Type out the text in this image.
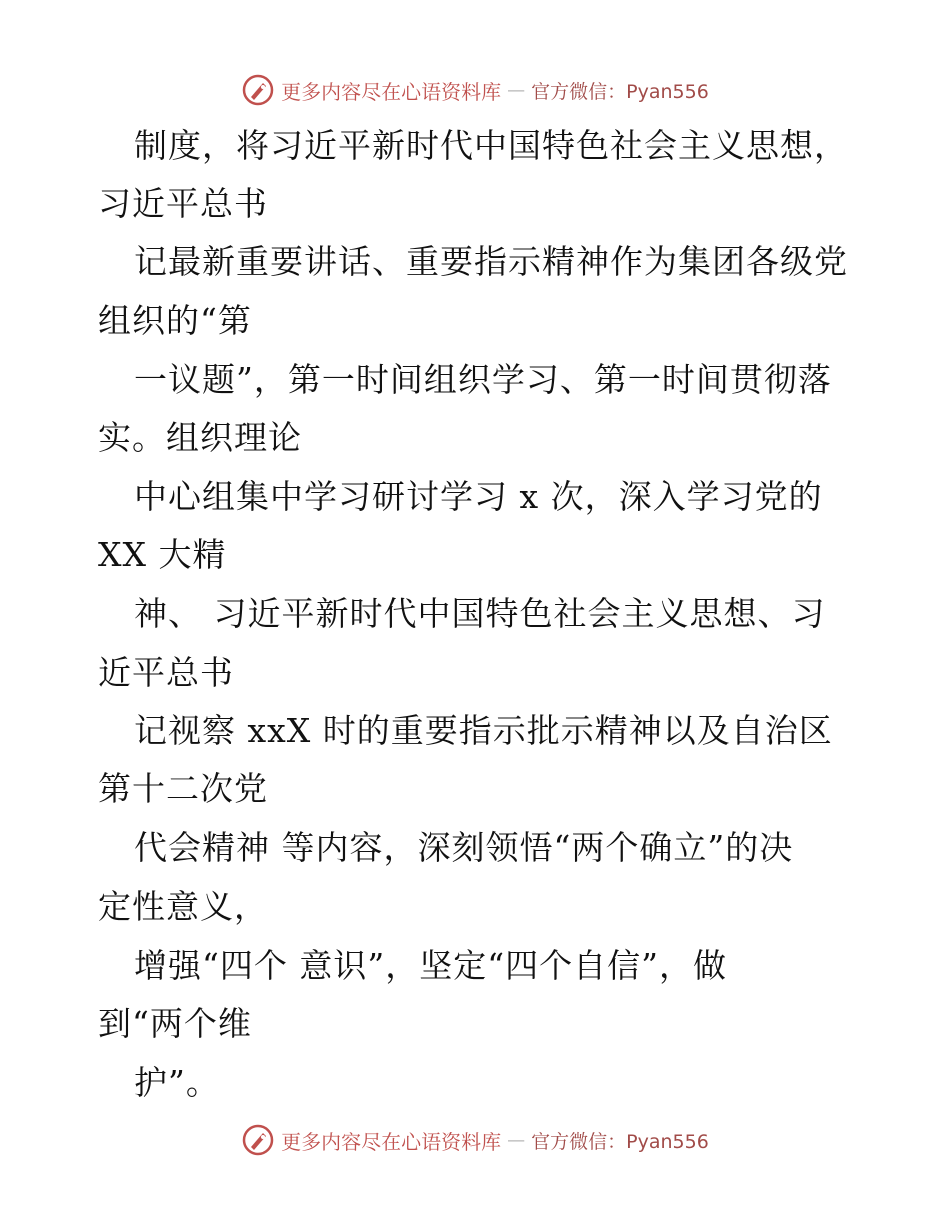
更多内容尽在心语资料库 — 官方微信：Pyan556
制度，将习近平新时代中国特色社会主义思想，
习近平总书
记最新重要讲话、重要指示精神作为集团各级党
组织的“第
一议题”，第一时间组织学习、第一时间贯彻落
实。组织理论
中心组集中学习研讨学习 x 次，深入学习党的
XX 大精
神、 习近平新时代中国特色社会主义思想、习
近平总书
记视察 xxX 时的重要指示批示精神以及自治区
第十二次党
代会精神 等内容，深刻领悟“两个确立”的决
定性意义，
增强“四个 意识”，坚定“四个自信”，做
到“两个维
护”。
更多内容尽在心语资料库 — 官方微信：Pyan556
